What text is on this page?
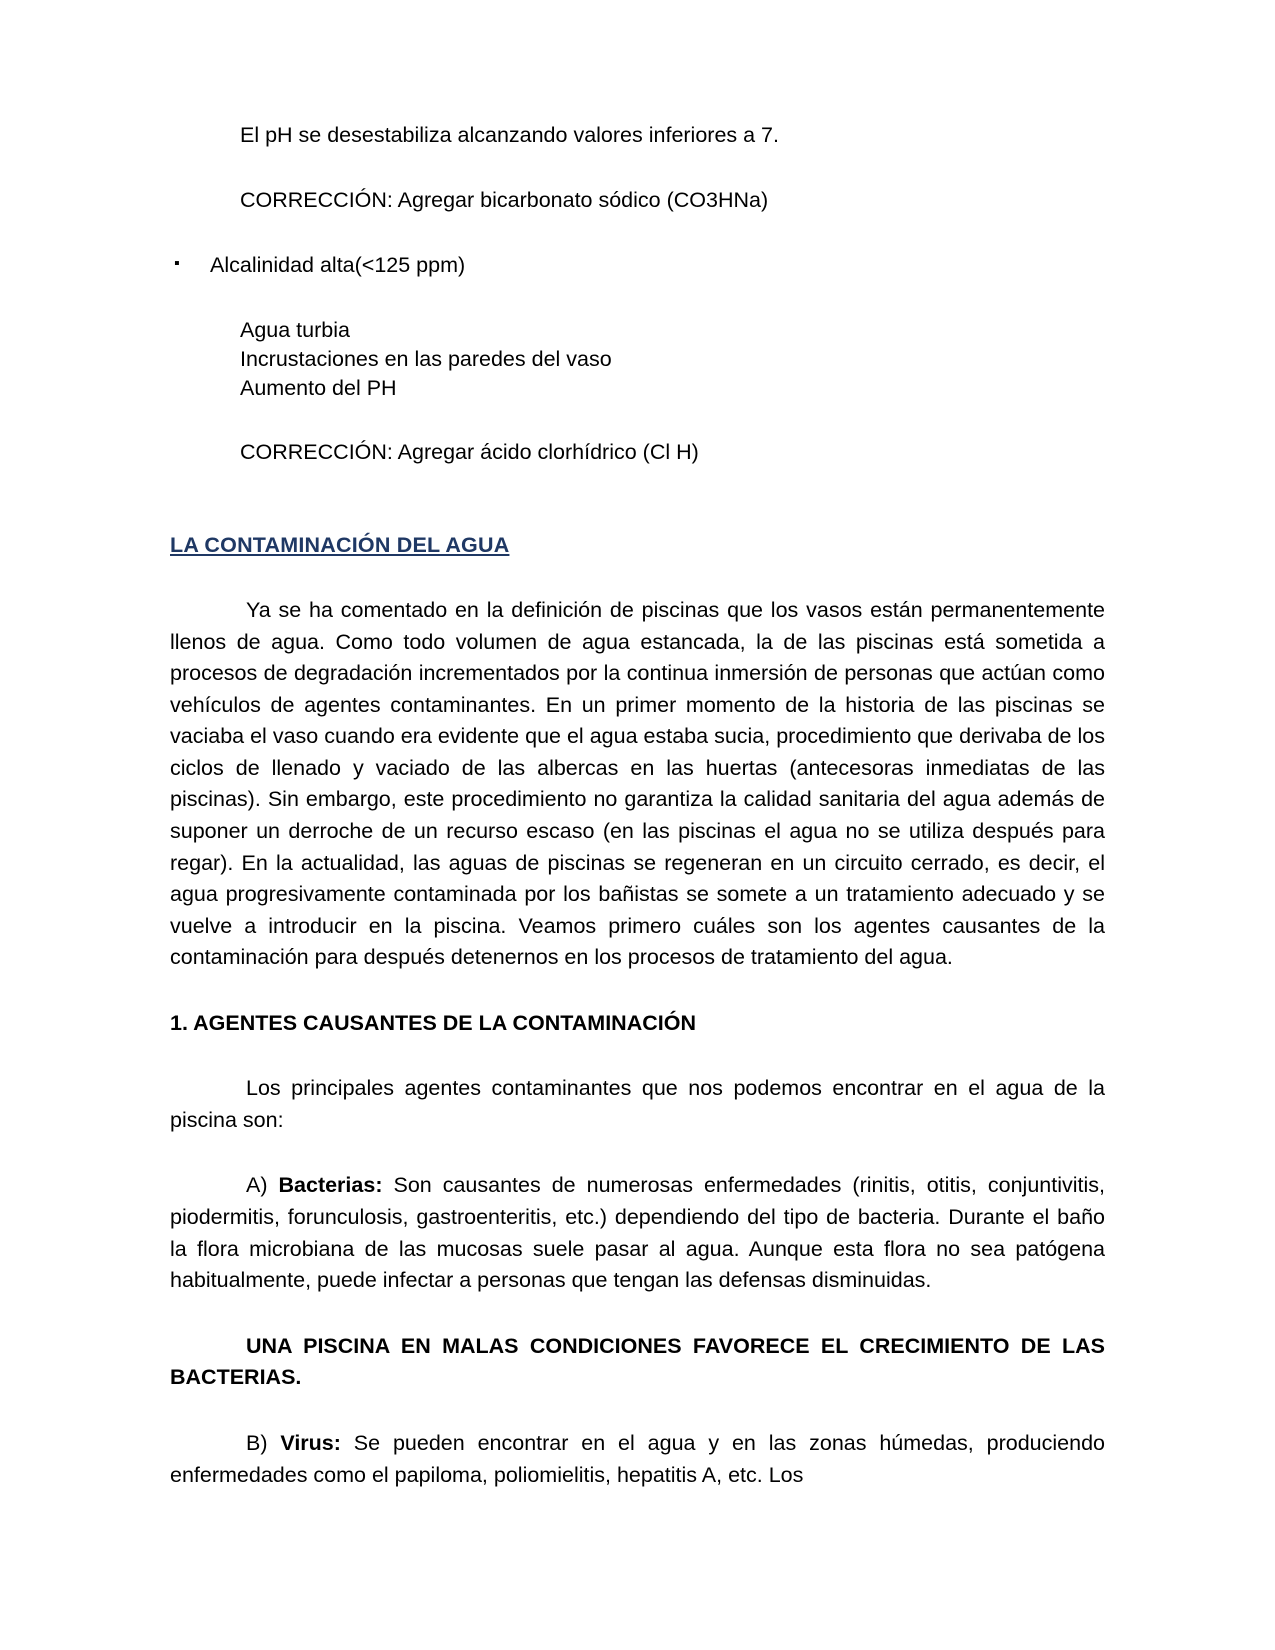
El pH se desestabiliza alcanzando valores inferiores a 7.

CORRECCIÓN: Agregar bicarbonato sódico (CO3HNa)

▪	Alcalinidad alta(<125 ppm)

Agua turbia

Incrustaciones en las paredes del vaso

Aumento del PH

CORRECCIÓN: Agregar ácido clorhídrico (Cl H)

LA CONTAMINACIÓN DEL AGUA

Ya se ha comentado en la definición de piscinas que los vasos están permanentemente llenos de agua. Como todo volumen de agua estancada, la de las piscinas está sometida a procesos de degradación incrementados por la continua inmersión de personas que actúan como vehículos de agentes contaminantes. En un primer momento de la historia de las piscinas se vaciaba el vaso cuando era evidente que el agua estaba sucia, procedimiento que derivaba de los ciclos de llenado y vaciado de las albercas en las huertas (antecesoras inmediatas de las piscinas). Sin embargo, este procedimiento no garantiza la calidad sanitaria del agua además de suponer un derroche de un recurso escaso (en las piscinas el agua no se utiliza después para regar). En la actualidad, las aguas de piscinas se regeneran en un circuito cerrado, es decir, el agua progresivamente contaminada por los bañistas se somete a un tratamiento adecuado y se vuelve a introducir en la piscina. Veamos primero cuáles son los agentes causantes de la contaminación para después detenernos en los procesos de tratamiento del agua.

1. AGENTES CAUSANTES DE LA CONTAMINACIÓN

Los principales agentes contaminantes que nos podemos encontrar en el agua de la piscina son:

A) Bacterias: Son causantes de numerosas enfermedades (rinitis, otitis, conjuntivitis, piodermitis, forunculosis, gastroenteritis, etc.) dependiendo del tipo de bacteria. Durante el baño la flora microbiana de las mucosas suele pasar al agua. Aunque esta flora no sea patógena habitualmente, puede infectar a personas que tengan las defensas disminuidas.

UNA PISCINA EN MALAS CONDICIONES FAVORECE EL CRECIMIENTO DE LAS BACTERIAS.

B) Virus: Se pueden encontrar en el agua y en las zonas húmedas, produciendo enfermedades como el papiloma, poliomielitis, hepatitis A, etc. Los
